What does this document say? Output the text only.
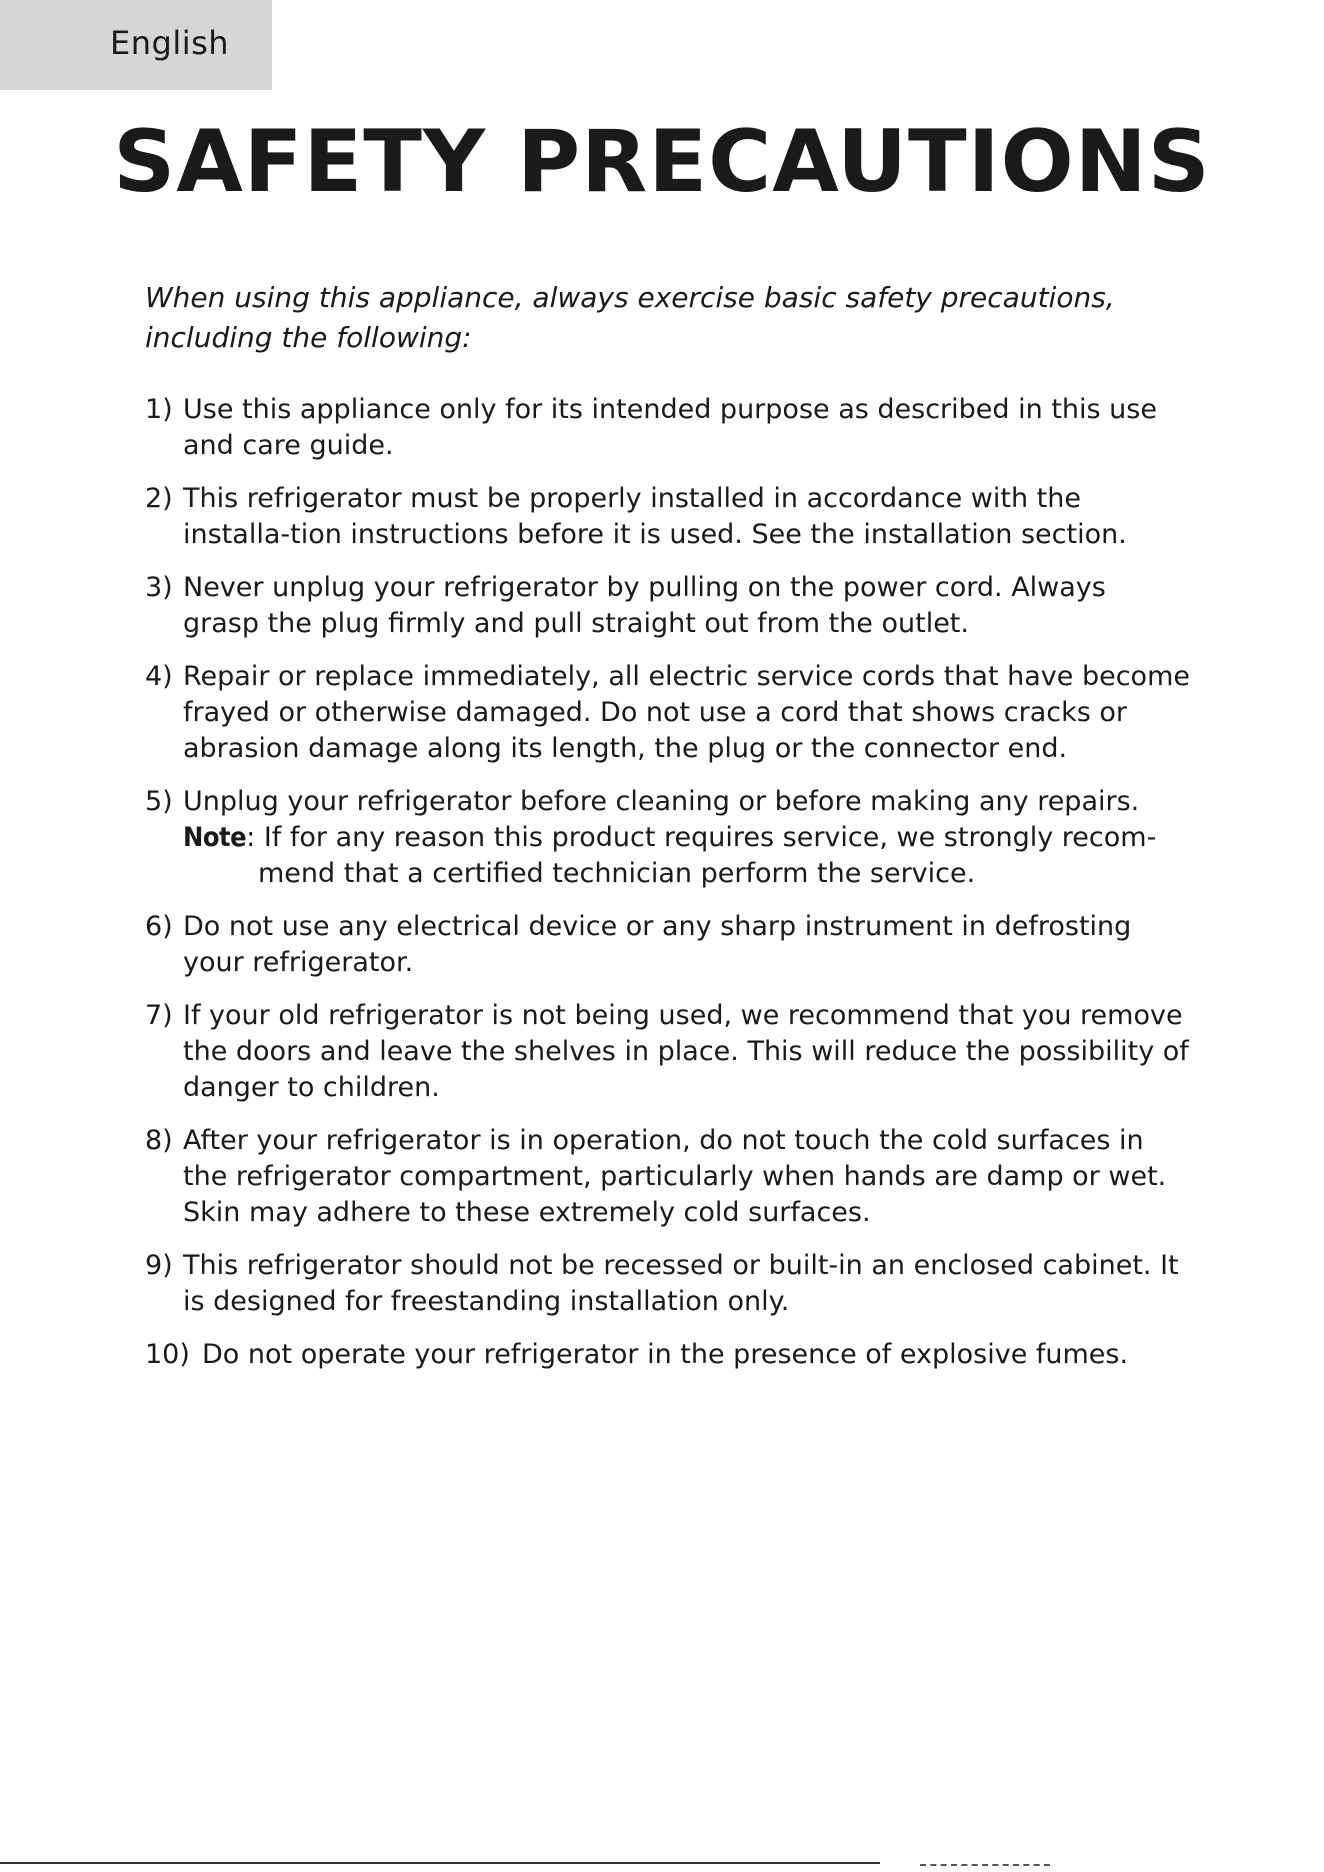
English
SAFETY PRECAUTIONS

When using this appliance, always exercise basic safety precautions, including the following:

1) Use this appliance only for its intended purpose as described in this use and care guide.
2) This refrigerator must be properly installed in accordance with the installa-tion instructions before it is used. See the installation section.
3) Never unplug your refrigerator by pulling on the power cord. Always grasp the plug firmly and pull straight out from the outlet.
4) Repair or replace immediately, all electric service cords that have become frayed or otherwise damaged. Do not use a cord that shows cracks or abrasion damage along its length, the plug or the connector end.
5) Unplug your refrigerator before cleaning or before making any repairs.
Note: If for any reason this product requires service, we strongly recom-mend that a certified technician perform the service.
6) Do not use any electrical device or any sharp instrument in defrosting your refrigerator.
7) If your old refrigerator is not being used, we recommend that you remove the doors and leave the shelves in place. This will reduce the possibility of danger to children.
8) After your refrigerator is in operation, do not touch the cold surfaces in the refrigerator compartment, particularly when hands are damp or wet. Skin may adhere to these extremely cold surfaces.
9) This refrigerator should not be recessed or built-in an enclosed cabinet. It is designed for freestanding installation only.
10) Do not operate your refrigerator in the presence of explosive fumes.
